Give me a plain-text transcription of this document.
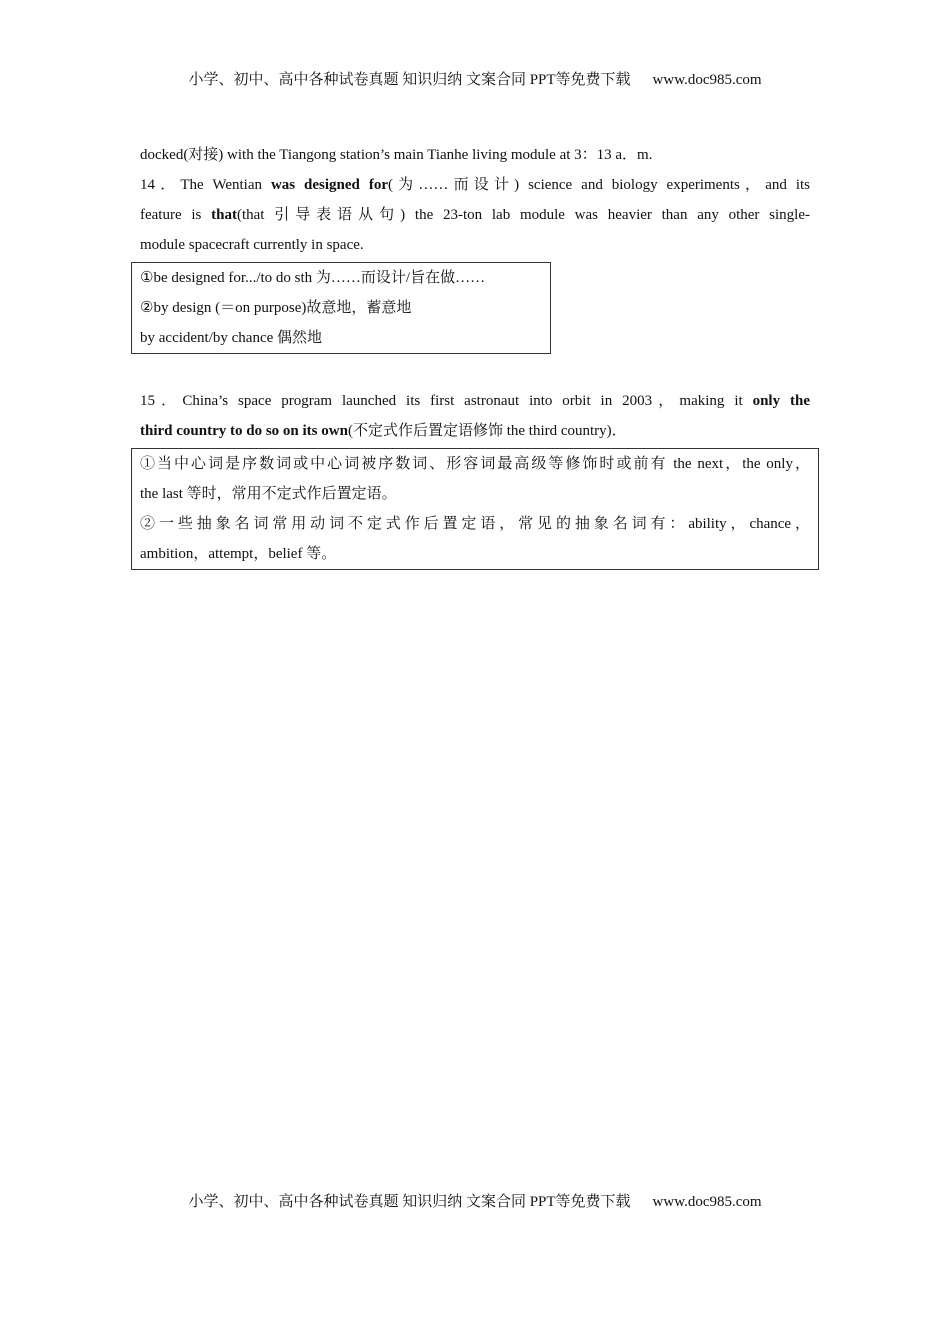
小学、初中、高中各种试卷真题 知识归纳 文案合同 PPT等免费下载 www.doc985.com
docked(对接) with the Tiangong station’s main Tianhe living module at 3：13 a．m.
14．The Wentian was designed for(为……而设计) science and biology experiments，and its
feature is that(that 引导表语从句) the 23-ton lab module was heavier than any other single-
module spacecraft currently in space.
①be designed for.../to do sth 为……而设计/旨在做……
②by design (＝on purpose)故意地，蓄意地
by accident/by chance 偶然地
15．China’s space program launched its first astronaut into orbit in 2003，making it only the
third country to do so on its own(不定式作后置定语修饰 the third country)．
①当中心词是序数词或中心词被序数词、形容词最高级等修饰时或前有 the next，the only，
the last 等时，常用不定式作后置定语。
②一些抽象名词常用动词不定式作后置定语，常见的抽象名词有：ability，chance，
ambition，attempt，belief 等。
小学、初中、高中各种试卷真题 知识归纳 文案合同 PPT等免费下载 www.doc985.com
